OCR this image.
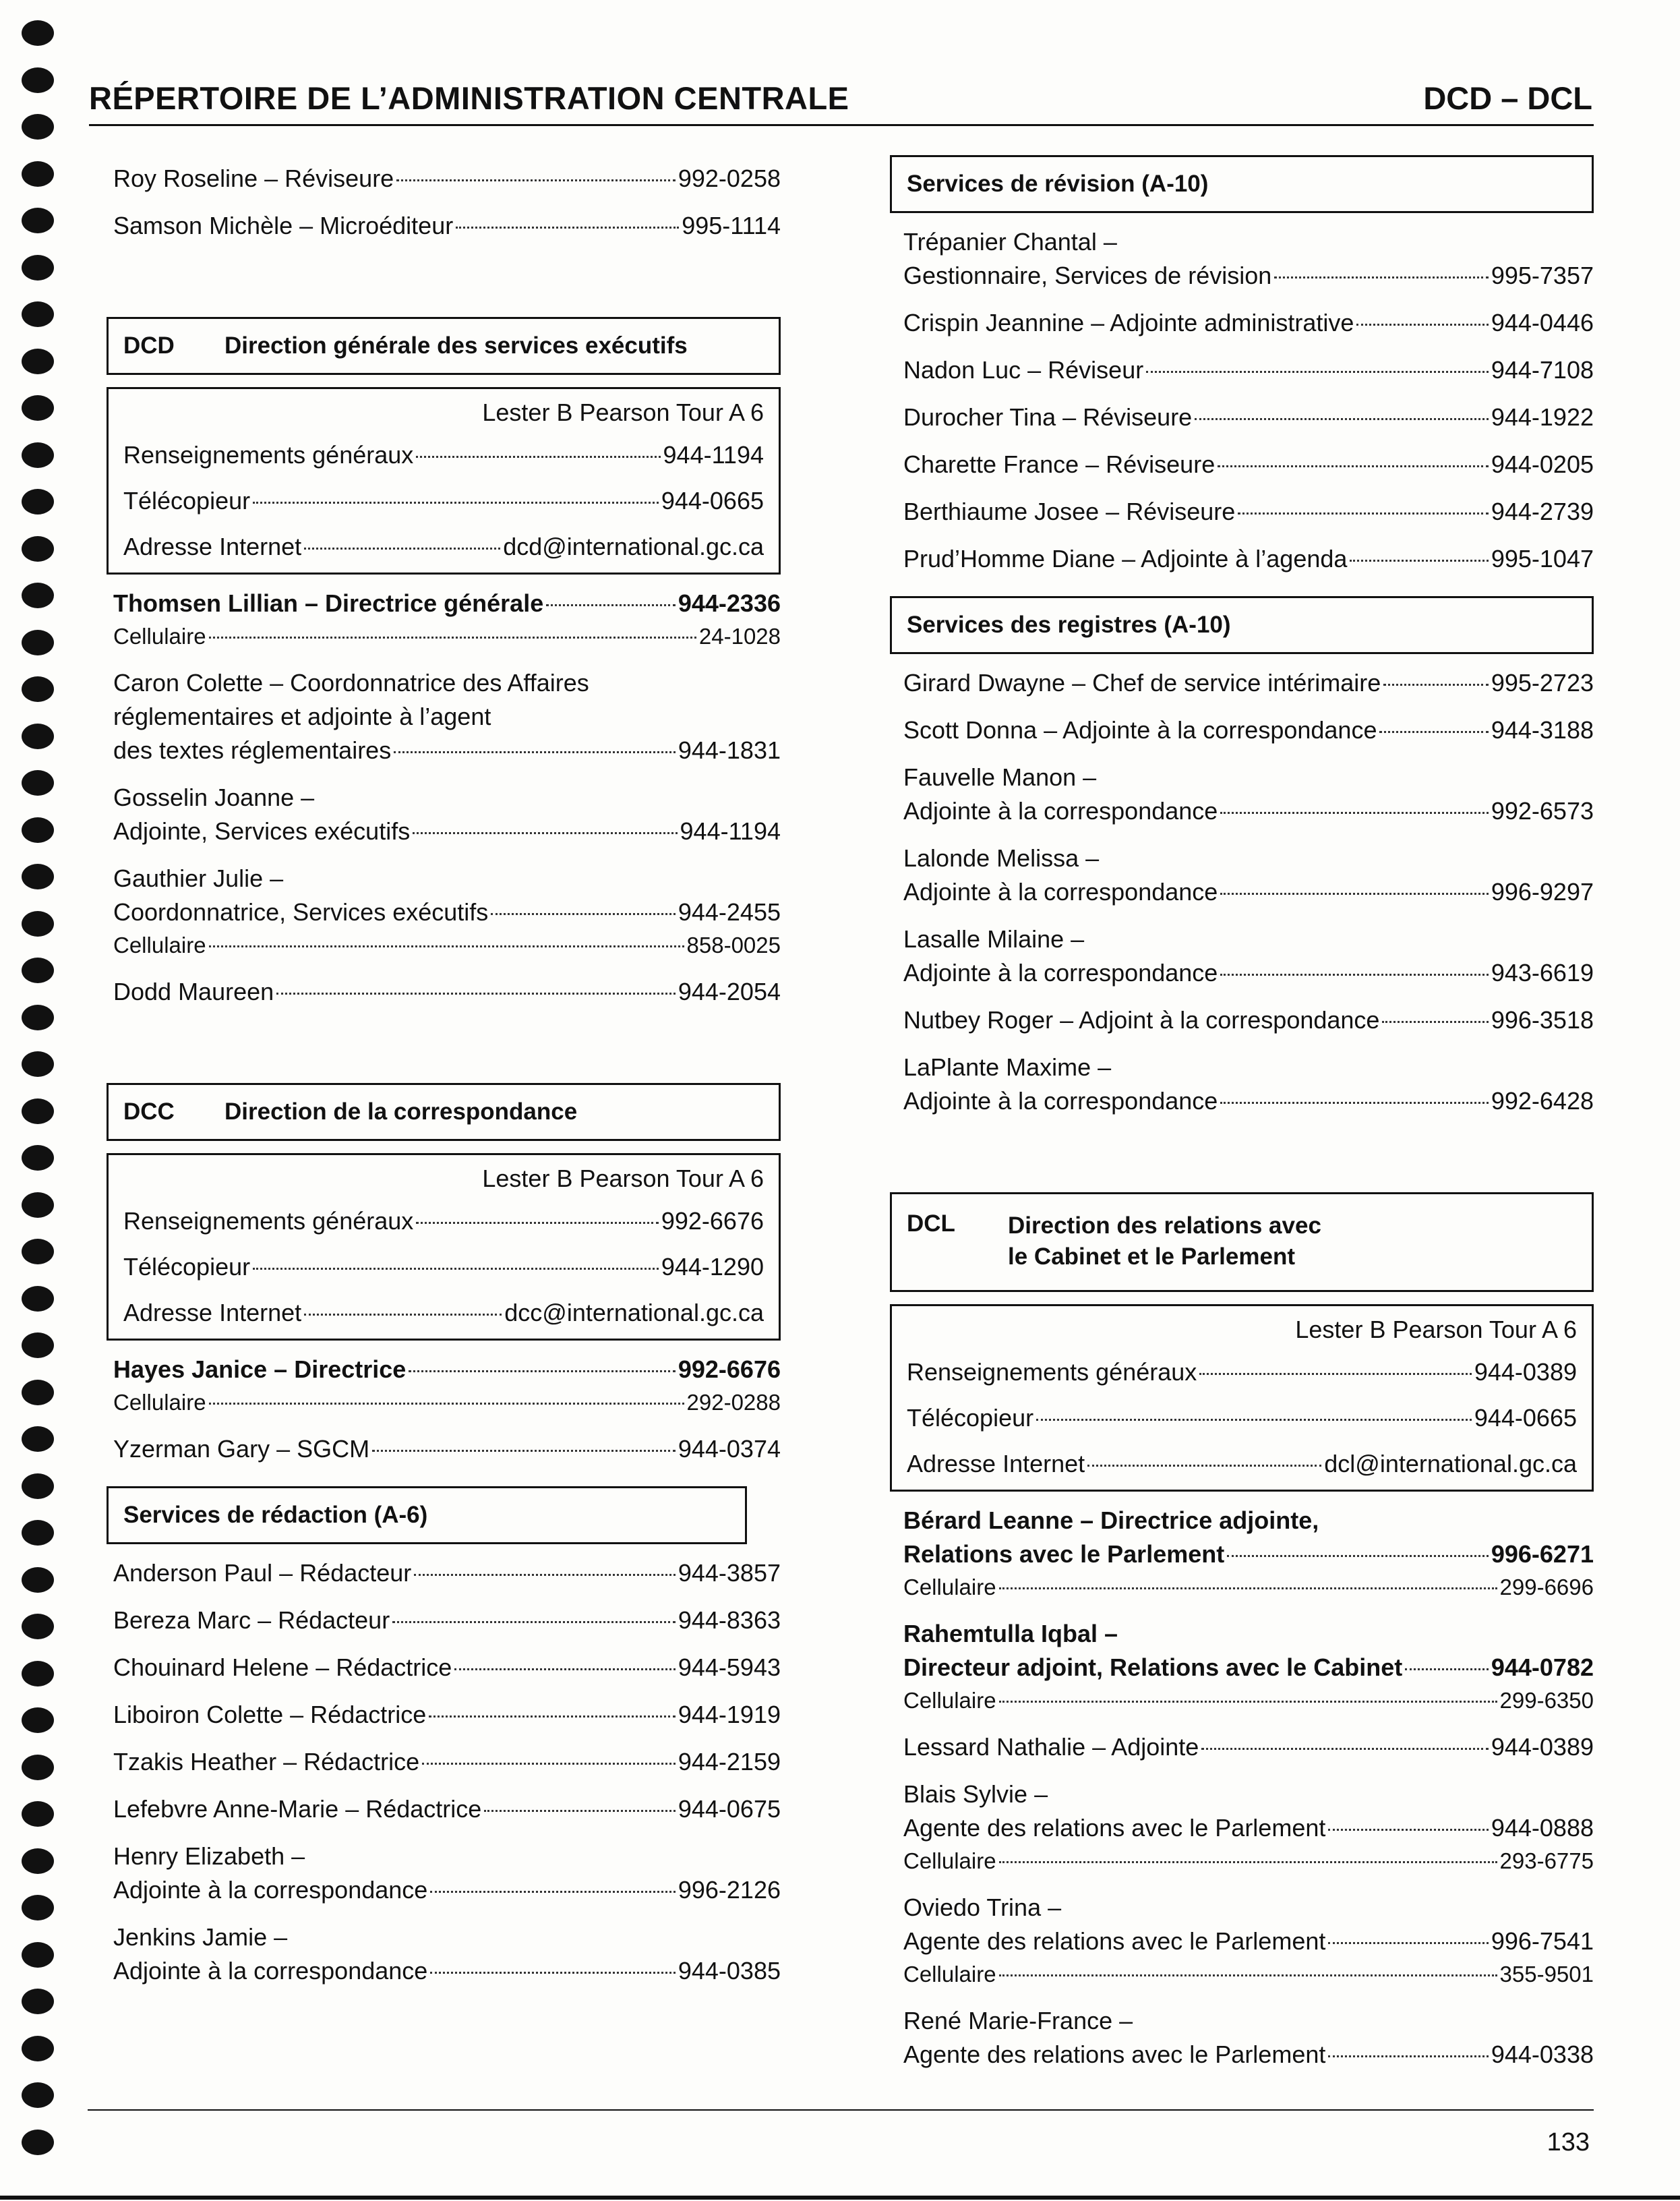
RÉPERTOIRE DE L’ADMINISTRATION CENTRALE	DCD – DCL
Roy Roseline – Réviseure	992-0258
Samson Michèle – Microéditeur	995-1114
DCD	Direction générale des services exécutifs
Lester B Pearson Tour A 6
Renseignements généraux	944-1194
Télécopieur	944-0665
Adresse Internet	dcd@international.gc.ca
Thomsen Lillian – Directrice générale	944-2336
Cellulaire	24-1028
Caron Colette – Coordonnatrice des Affaires
réglementaires et adjointe à l’agent
des textes réglementaires	944-1831
Gosselin Joanne –
Adjointe, Services exécutifs	944-1194
Gauthier Julie –
Coordonnatrice, Services exécutifs	944-2455
Cellulaire	858-0025
Dodd Maureen	944-2054
DCC	Direction de la correspondance
Lester B Pearson Tour A 6
Renseignements généraux	992-6676
Télécopieur	944-1290
Adresse Internet	dcc@international.gc.ca
Hayes Janice – Directrice	992-6676
Cellulaire	292-0288
Yzerman Gary – SGCM	944-0374
Services de rédaction (A-6)
Anderson Paul – Rédacteur	944-3857
Bereza Marc – Rédacteur	944-8363
Chouinard Helene – Rédactrice	944-5943
Liboiron Colette – Rédactrice	944-1919
Tzakis Heather – Rédactrice	944-2159
Lefebvre Anne-Marie – Rédactrice	944-0675
Henry Elizabeth –
Adjointe à la correspondance	996-2126
Jenkins Jamie –
Adjointe à la correspondance	944-0385
Services de révision (A-10)
Trépanier Chantal –
Gestionnaire, Services de révision	995-7357
Crispin Jeannine – Adjointe administrative	944-0446
Nadon Luc – Réviseur	944-7108
Durocher Tina – Réviseure	944-1922
Charette France – Réviseure	944-0205
Berthiaume Josee – Réviseure	944-2739
Prud’Homme Diane – Adjointe à l’agenda	995-1047
Services des registres (A-10)
Girard Dwayne – Chef de service intérimaire	995-2723
Scott Donna – Adjointe à la correspondance	944-3188
Fauvelle Manon –
Adjointe à la correspondance	992-6573
Lalonde Melissa –
Adjointe à la correspondance	996-9297
Lasalle Milaine –
Adjointe à la correspondance	943-6619
Nutbey Roger – Adjoint à la correspondance	996-3518
LaPlante Maxime –
Adjointe à la correspondance	992-6428
DCL	Direction des relations avec
le Cabinet et le Parlement
Lester B Pearson Tour A 6
Renseignements généraux	944-0389
Télécopieur	944-0665
Adresse Internet	dcl@international.gc.ca
Bérard Leanne – Directrice adjointe,
Relations avec le Parlement	996-6271
Cellulaire	299-6696
Rahemtulla Iqbal –
Directeur adjoint, Relations avec le Cabinet	944-0782
Cellulaire	299-6350
Lessard Nathalie – Adjointe	944-0389
Blais Sylvie –
Agente des relations avec le Parlement	944-0888
Cellulaire	293-6775
Oviedo Trina –
Agente des relations avec le Parlement	996-7541
Cellulaire	355-9501
René Marie-France –
Agente des relations avec le Parlement	944-0338
133
